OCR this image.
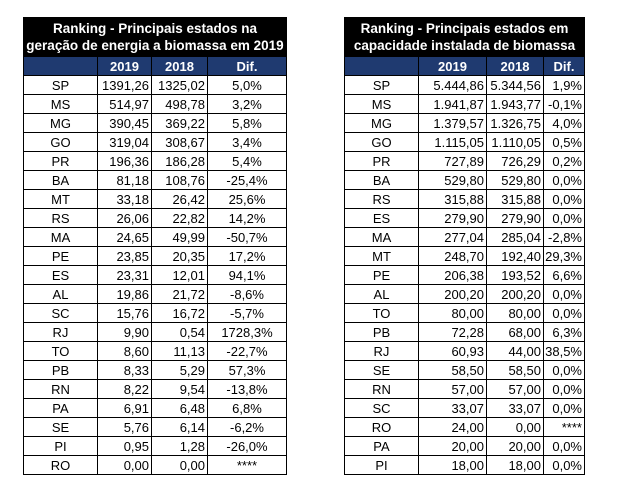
Ranking - Principais estados na
geração de energia a biomassa em 2019			
	2019	2018	Dif.
SP	1391,26	1325,02	5,0%
MS	514,97	498,78	3,2%
MG	390,45	369,22	5,8%
GO	319,04	308,67	3,4%
PR	196,36	186,28	5,4%
BA	81,18	108,76	-25,4%
MT	33,18	26,42	25,6%
RS	26,06	22,82	14,2%
MA	24,65	49,99	-50,7%
PE	23,85	20,35	17,2%
ES	23,31	12,01	94,1%
AL	19,86	21,72	-8,6%
SC	15,76	16,72	-5,7%
RJ	9,90	0,54	1728,3%
TO	8,60	11,13	-22,7%
PB	8,33	5,29	57,3%
RN	8,22	9,54	-13,8%
PA	6,91	6,48	6,8%
SE	5,76	6,14	-6,2%
PI	0,95	1,28	-26,0%
RO	0,00	0,00	****
Ranking - Principais estados em
capacidade instalada de biomassa			
	2019	2018	Dif.
SP	5.444,86	5.344,56	1,9%
MS	1.941,87	1.943,77	-0,1%
MG	1.379,57	1.326,75	4,0%
GO	1.115,05	1.110,05	0,5%
PR	727,89	726,29	0,2%
BA	529,80	529,80	0,0%
RS	315,88	315,88	0,0%
ES	279,90	279,90	0,0%
MA	277,04	285,04	-2,8%
MT	248,70	192,40	29,3%
PE	206,38	193,52	6,6%
AL	200,20	200,20	0,0%
TO	80,00	80,00	0,0%
PB	72,28	68,00	6,3%
RJ	60,93	44,00	38,5%
SE	58,50	58,50	0,0%
RN	57,00	57,00	0,0%
SC	33,07	33,07	0,0%
RO	24,00	0,00	****
PA	20,00	20,00	0,0%
PI	18,00	18,00	0,0%
